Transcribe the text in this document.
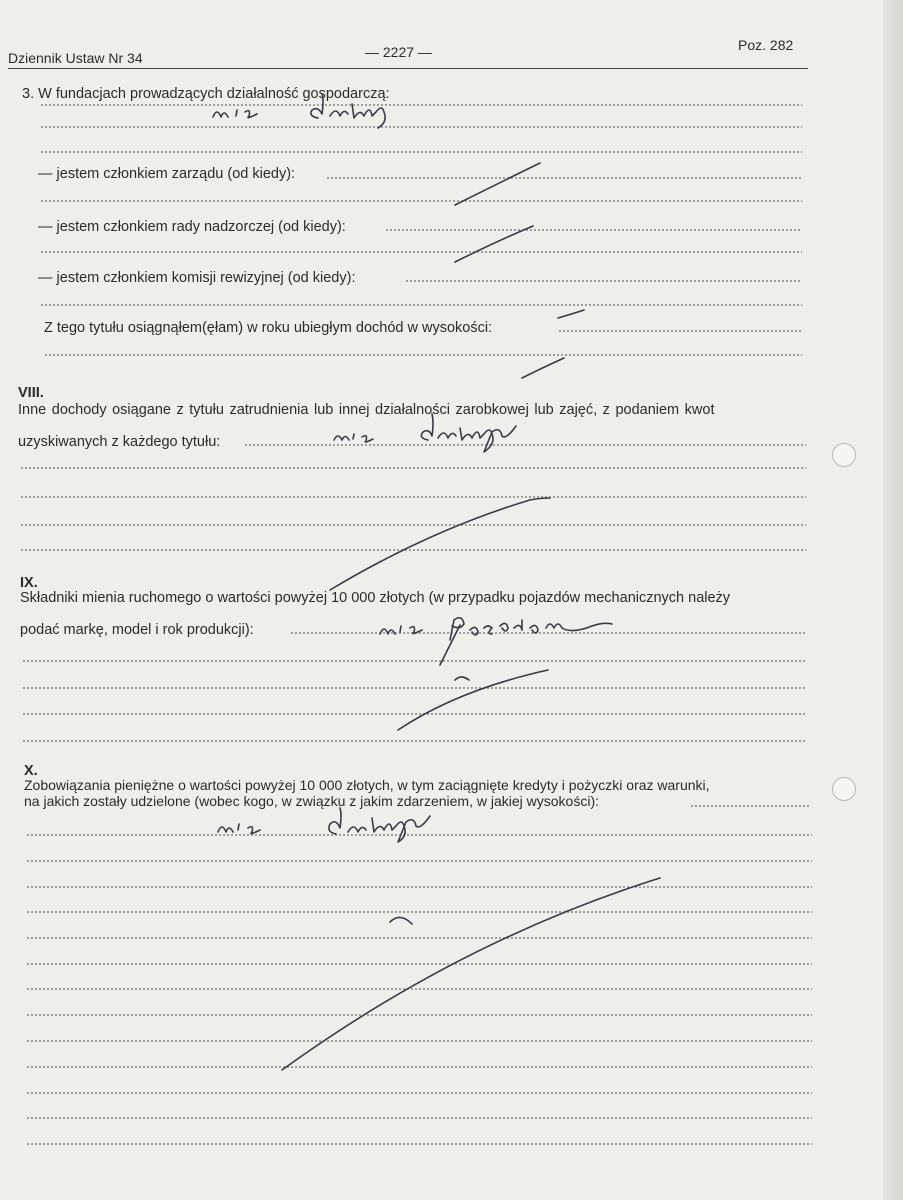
Dziennik Ustaw Nr 34	— 2227 —	Poz. 282
3. W fundacjach prowadzących działalność gospodarczą:
— jestem członkiem zarządu (od kiedy):
— jestem członkiem rady nadzorczej (od kiedy):
— jestem członkiem komisji rewizyjnej (od kiedy):
Z tego tytułu osiągnąłem(ęłam) w roku ubiegłym dochód w wysokości:
VIII.
Inne dochody osiągane z tytułu zatrudnienia lub innej działalności zarobkowej lub zajęć, z podaniem kwot
uzyskiwanych z każdego tytułu:
IX.
Składniki mienia ruchomego o wartości powyżej 10 000 złotych (w przypadku pojazdów mechanicznych należy
podać markę, model i rok produkcji):
X.
Zobowiązania pieniężne o wartości powyżej 10 000 złotych, w tym zaciągnięte kredyty i pożyczki oraz warunki,
na jakich zostały udzielone (wobec kogo, w związku z jakim zdarzeniem, w jakiej wysokości):
